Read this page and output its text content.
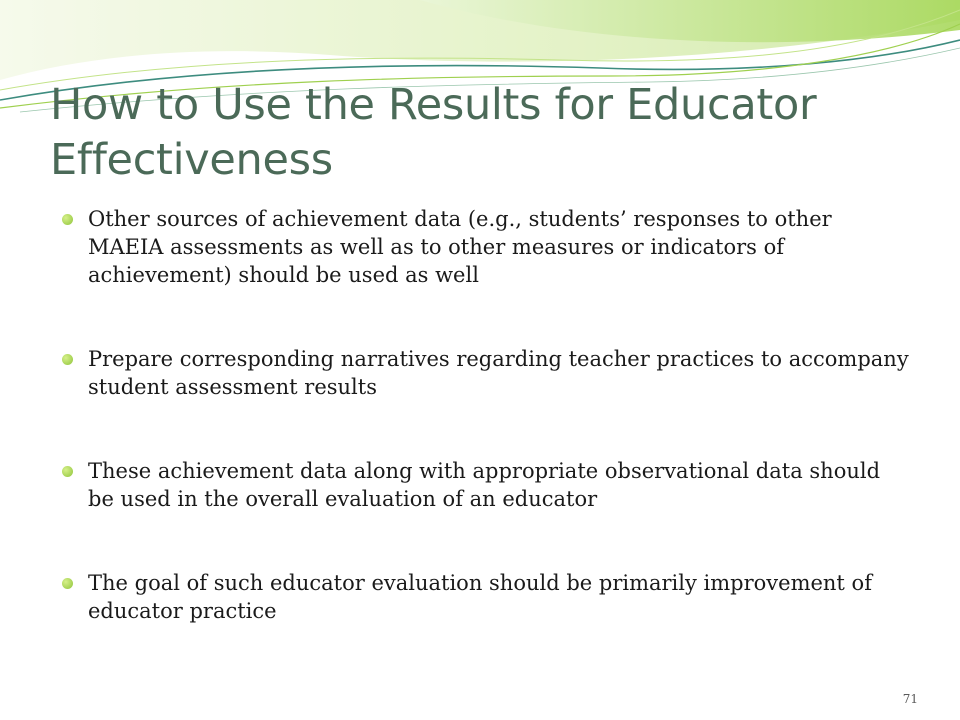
How to Use the Results for Educator Effectiveness
Other sources of achievement data (e.g., students’ responses to other MAEIA assessments as well as to other measures or indicators of achievement) should be used as well
Prepare corresponding narratives regarding teacher practices to accompany student assessment results
These achievement data along with appropriate observational data should be used in the overall evaluation of an educator
The goal of such educator evaluation should be primarily improvement of educator practice
71
